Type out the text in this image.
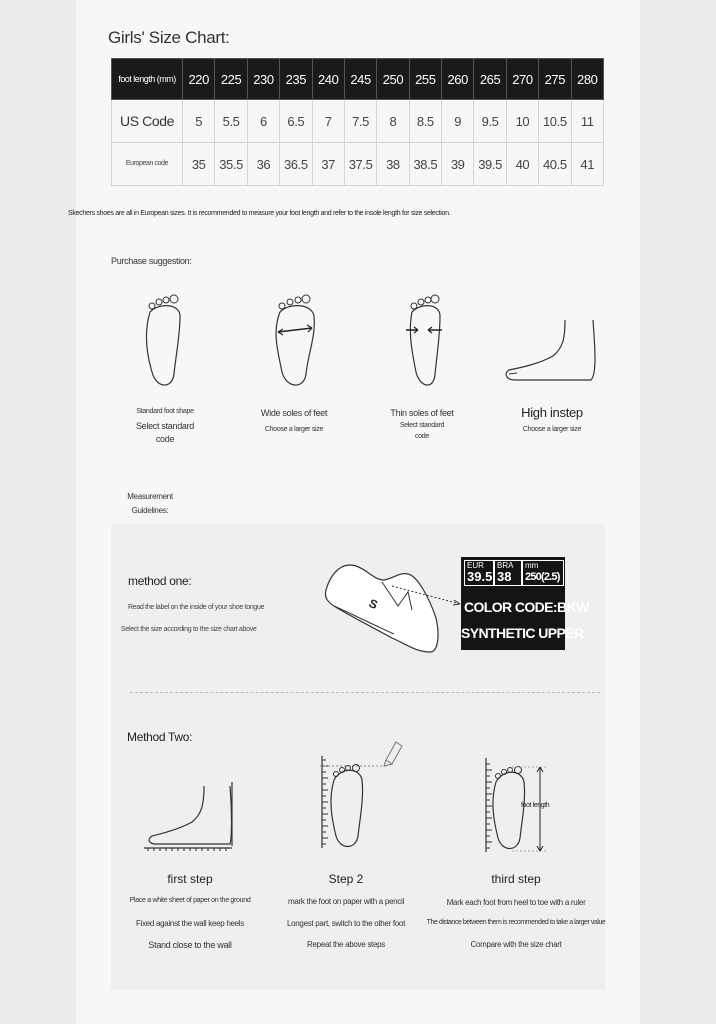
Girls' Size Chart:
foot length (mm)	220	225	230	235	240	245	250	255	260	265	270	275	280
US Code	5	5.5	6	6.5	7	7.5	8	8.5	9	9.5	10	10.5	11
European code	35	35.5	36	36.5	37	37.5	38	38.5	39	39.5	40	40.5	41
Skechers shoes are all in European sizes. It is recommended to measure your foot length and refer to the insole length for size selection.
Purchase suggestion:
Standard foot shape
Select standard
code
Wide soles of feet
Choose a larger size
Thin soles of feet
Select standard
code
High instep
Choose a larger size
Measurement
Guidelines:
method one:
Read the label on the inside of your shoe tongue
Select the size according to the size chart above
S
EUR
39.5
BRA
38
mm
250(2.5)
COLOR CODE:BKW
SYNTHETIC UPPER
Method Two:
foot length
first step
Place a white sheet of paper on the ground
Fixed against the wall keep heels
Stand close to the wall
Step 2
mark the foot on paper with a pencil
Longest part, switch to the other foot
Repeat the above steps
third step
Mark each foot from heel to toe with a ruler
The distance between them is recommended to take a larger value
Compare with the size chart
